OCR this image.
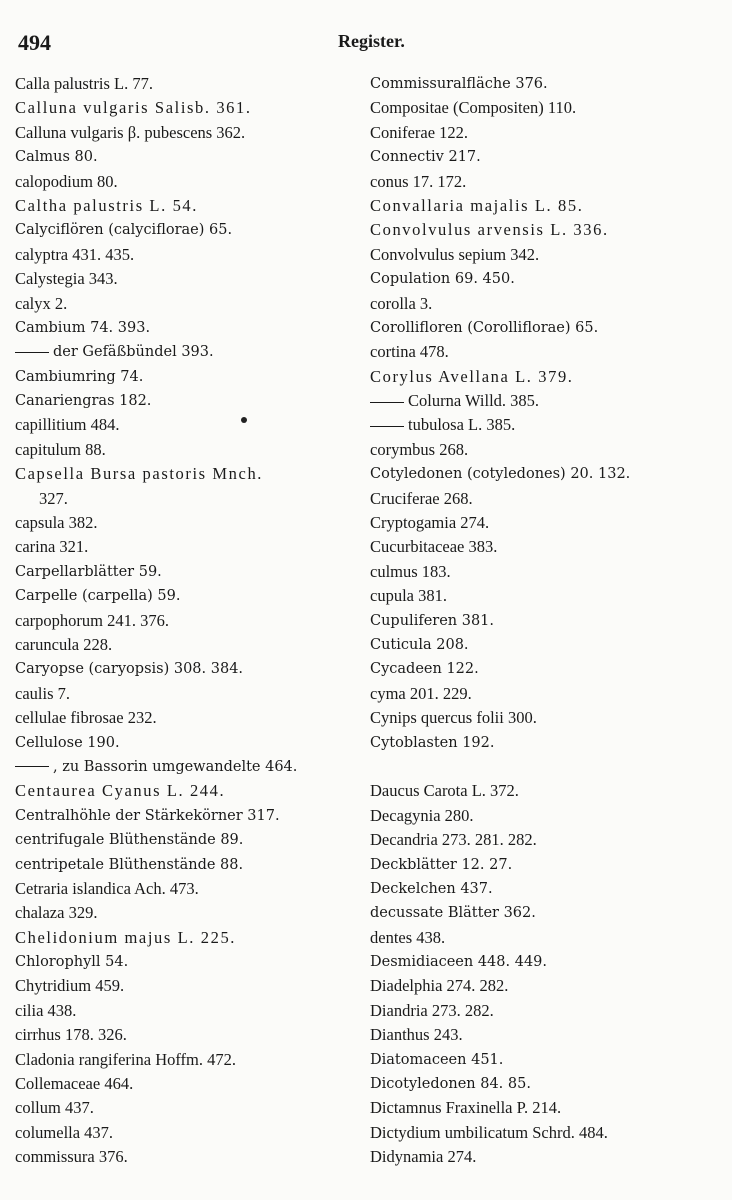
494	Register.
Calla palustris L. 77.
Calluna vulgaris Salisb. 361.
Calluna vulgaris β. pubescens 362.
Calmus 80.
calopodium 80.
Caltha palustris L. 54.
Calyciflören (calyciflorae) 65.
calyptra 431. 435.
Calystegia 343.
calyx 2.
Cambium 74. 393.
der Gefäßbündel 393.
Cambiumring 74.
Canariengras 182.
capillitium 484.
capitulum 88.
Capsella Bursa pastoris Mnch.
327.
capsula 382.
carina 321.
Carpellarblätter 59.
Carpelle (carpella) 59.
carpophorum 241. 376.
caruncula 228.
Caryopse (caryopsis) 308. 384.
caulis 7.
cellulae fibrosae 232.
Cellulose 190.
, zu Bassorin umgewandelte 464.
Centaurea Cyanus L. 244.
Centralhöhle der Stärkekörner 317.
centrifugale Blüthenstände 89.
centripetale Blüthenstände 88.
Cetraria islandica Ach. 473.
chalaza 329.
Chelidonium majus L. 225.
Chlorophyll 54.
Chytridium 459.
cilia 438.
cirrhus 178. 326.
Cladonia rangiferina Hoffm. 472.
Collemaceae 464.
collum 437.
columella 437.
commissura 376.
Commissuralfläche 376.
Compositae (Compositen) 110.
Coniferae 122.
Connectiv 217.
conus 17. 172.
Convallaria majalis L. 85.
Convolvulus arvensis L. 336.
Convolvulus sepium 342.
Copulation 69. 450.
corolla 3.
Corollifloren (Corolliflorae) 65.
cortina 478.
Corylus Avellana L. 379.
Colurna Willd. 385.
tubulosa L. 385.
corymbus 268.
Cotyledonen (cotyledones) 20. 132.
Cruciferae 268.
Cryptogamia 274.
Cucurbitaceae 383.
culmus 183.
cupula 381.
Cupuliferen 381.
Cuticula 208.
Cycadeen 122.
cyma 201. 229.
Cynips quercus folii 300.
Cytoblasten 192.
Daucus Carota L. 372.
Decagynia 280.
Decandria 273. 281. 282.
Deckblätter 12. 27.
Deckelchen 437.
decussate Blätter 362.
dentes 438.
Desmidiaceen 448. 449.
Diadelphia 274. 282.
Diandria 273. 282.
Dianthus 243.
Diatomaceen 451.
Dicotyledonen 84. 85.
Dictamnus Fraxinella P. 214.
Dictydium umbilicatum Schrd. 484.
Didynamia 274.
